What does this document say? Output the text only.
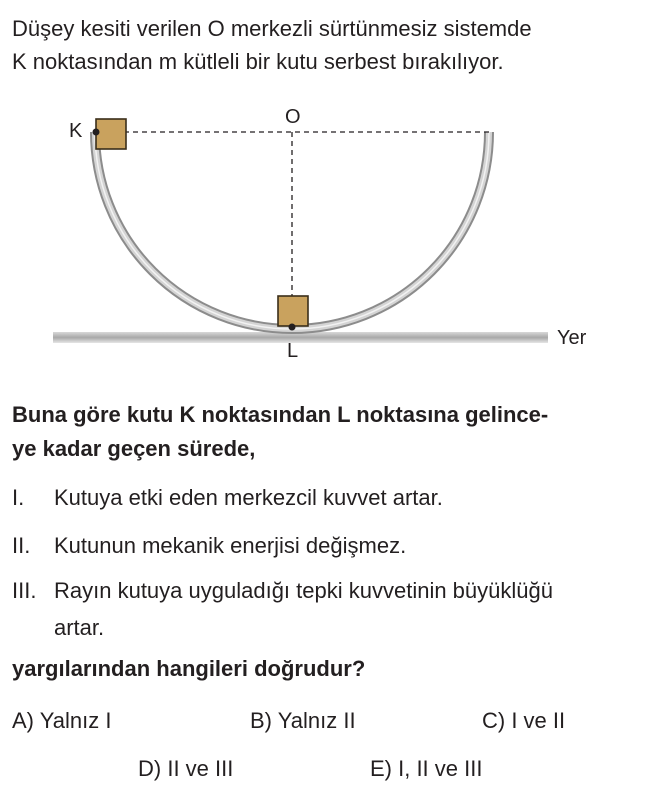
Düşey kesiti verilen O merkezli sürtünmesiz sistemde
K noktasından m kütleli bir kutu serbest bırakılıyor.
K
O
L
Yer
Buna göre kutu K noktasından L noktasına gelince-
ye kadar geçen sürede,
I. Kutuya etki eden merkezcil kuvvet artar.
II. Kutunun mekanik enerjisi değişmez.
III. Rayın kutuya uyguladığı tepki kuvvetinin büyüklüğü
artar.
yargılarından hangileri doğrudur?
A) Yalnız I	B) Yalnız II	C) I ve II
D) II ve III	E) I, II ve III
